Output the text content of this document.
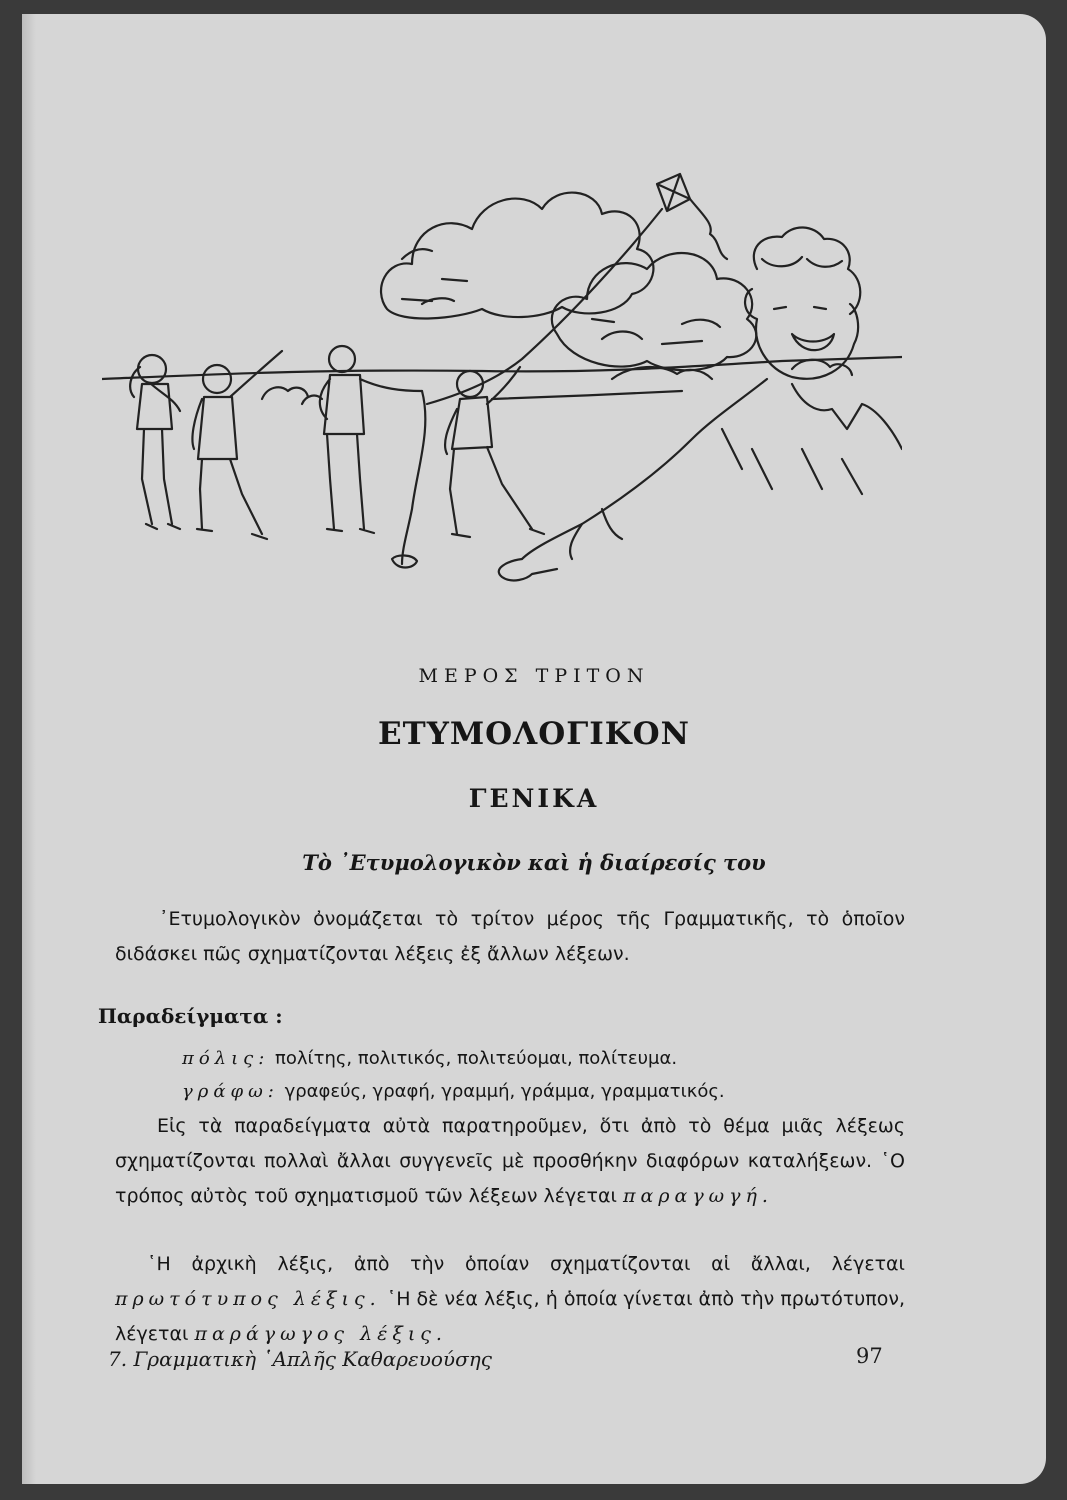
ΜΕΡΟΣ ΤΡΙΤΟΝ
ΕΤΥΜΟΛΟΓΙΚΟΝ
ΓΕΝΙΚΑ
Τὸ ᾿Ετυμολογικὸν καὶ ἡ διαίρεσίς του
᾿Ετυμολογικὸν ὀνομάζεται τὸ τρίτον μέρος τῆς Γραμματικῆς, τὸ ὁποῖον διδάσκει πῶς σχηματίζονται λέξεις ἐξ ἄλλων λέξεων.
Παραδείγματα :
πόλις: πολίτης, πολιτικός, πολιτεύομαι, πολίτευμα.
γράφω: γραφεύς, γραφή, γραμμή, γράμμα, γραμματικός.
Εἰς τὰ παραδείγματα αὐτὰ παρατηροῦμεν, ὅτι ἀπὸ τὸ θέμα μιᾶς λέξεως σχηματίζονται πολλαὶ ἄλλαι συγγενεῖς μὲ προσθήκην διαφόρων καταλήξεων. ῾Ο τρόπος αὐτὸς τοῦ σχηματισμοῦ τῶν λέξεων λέγεται παραγωγή.
῾Η ἀρχικὴ λέξις, ἀπὸ τὴν ὁποίαν σχηματίζονται αἱ ἄλλαι, λέγεται πρωτότυπος λέξις. ῾Η δὲ νέα λέξις, ἡ ὁποία γίνεται ἀπὸ τὴν πρωτότυπον, λέγεται παράγωγος λέξις.
7. Γραμματικὴ ῾Απλῆς Καθαρευούσης	97
